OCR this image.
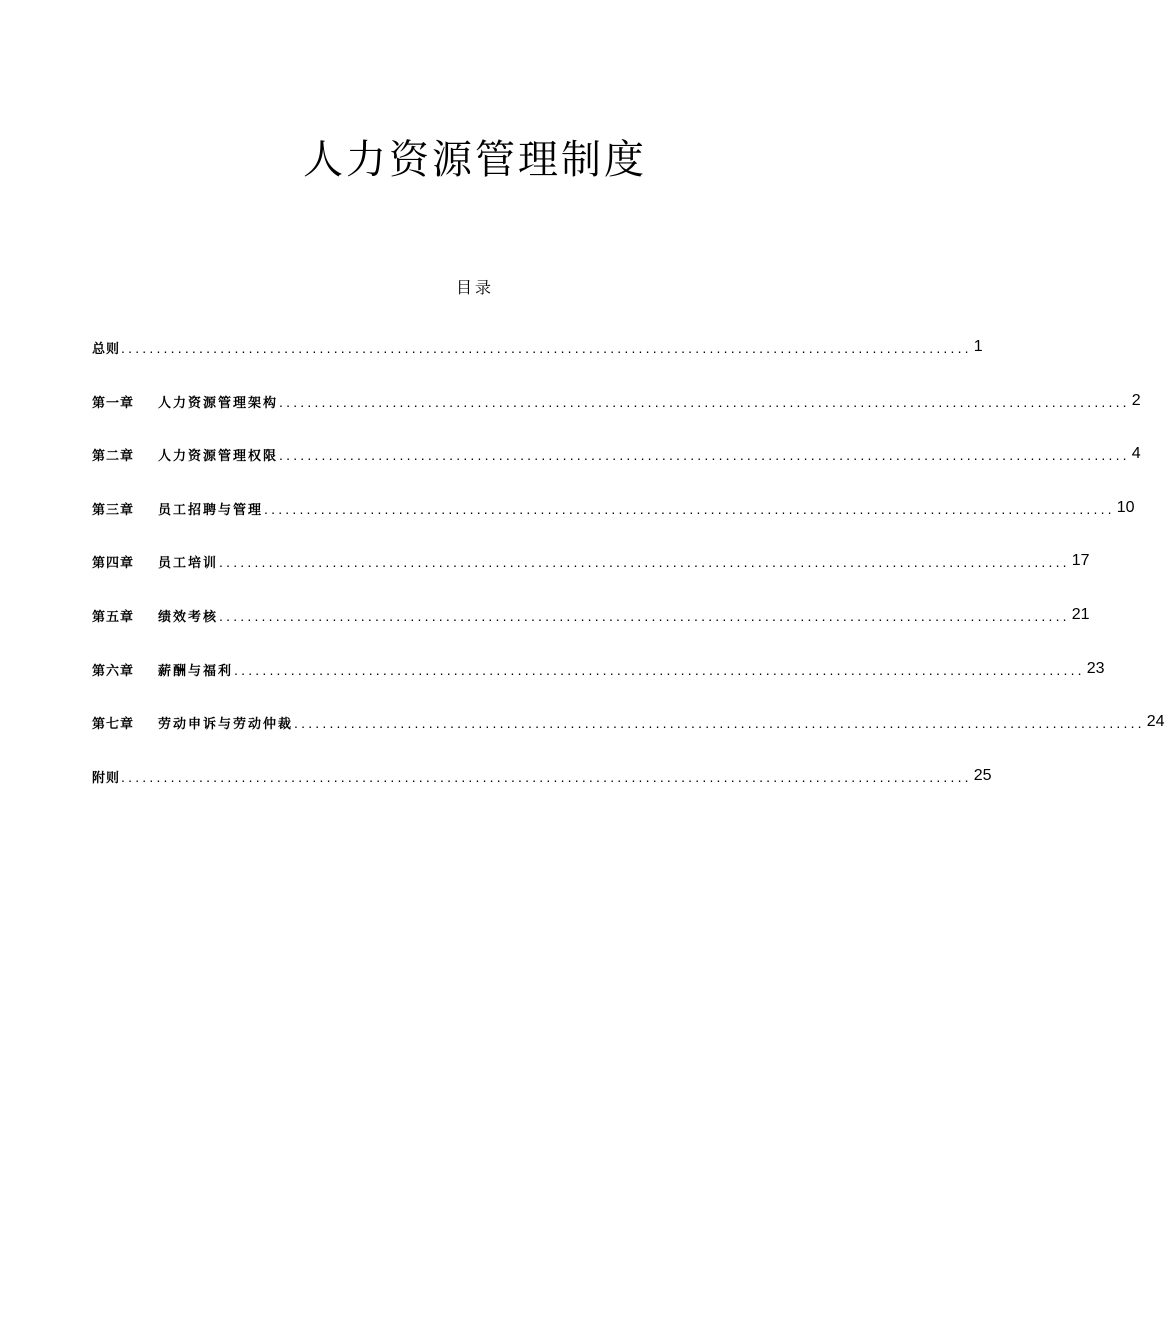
人力资源管理制度
目录
总则 ........................................................................................................................ 1
第一章	人力资源管理架构 ........................................................................................................................ 2
第二章	人力资源管理权限 ........................................................................................................................ 4
第三章	员工招聘与管理 ........................................................................................................................ 10
第四章	员工培训 ........................................................................................................................ 17
第五章	绩效考核 ........................................................................................................................ 21
第六章	薪酬与福利 ........................................................................................................................ 23
第七章	劳动申诉与劳动仲裁 ........................................................................................................................ 24
附则 ........................................................................................................................ 25
